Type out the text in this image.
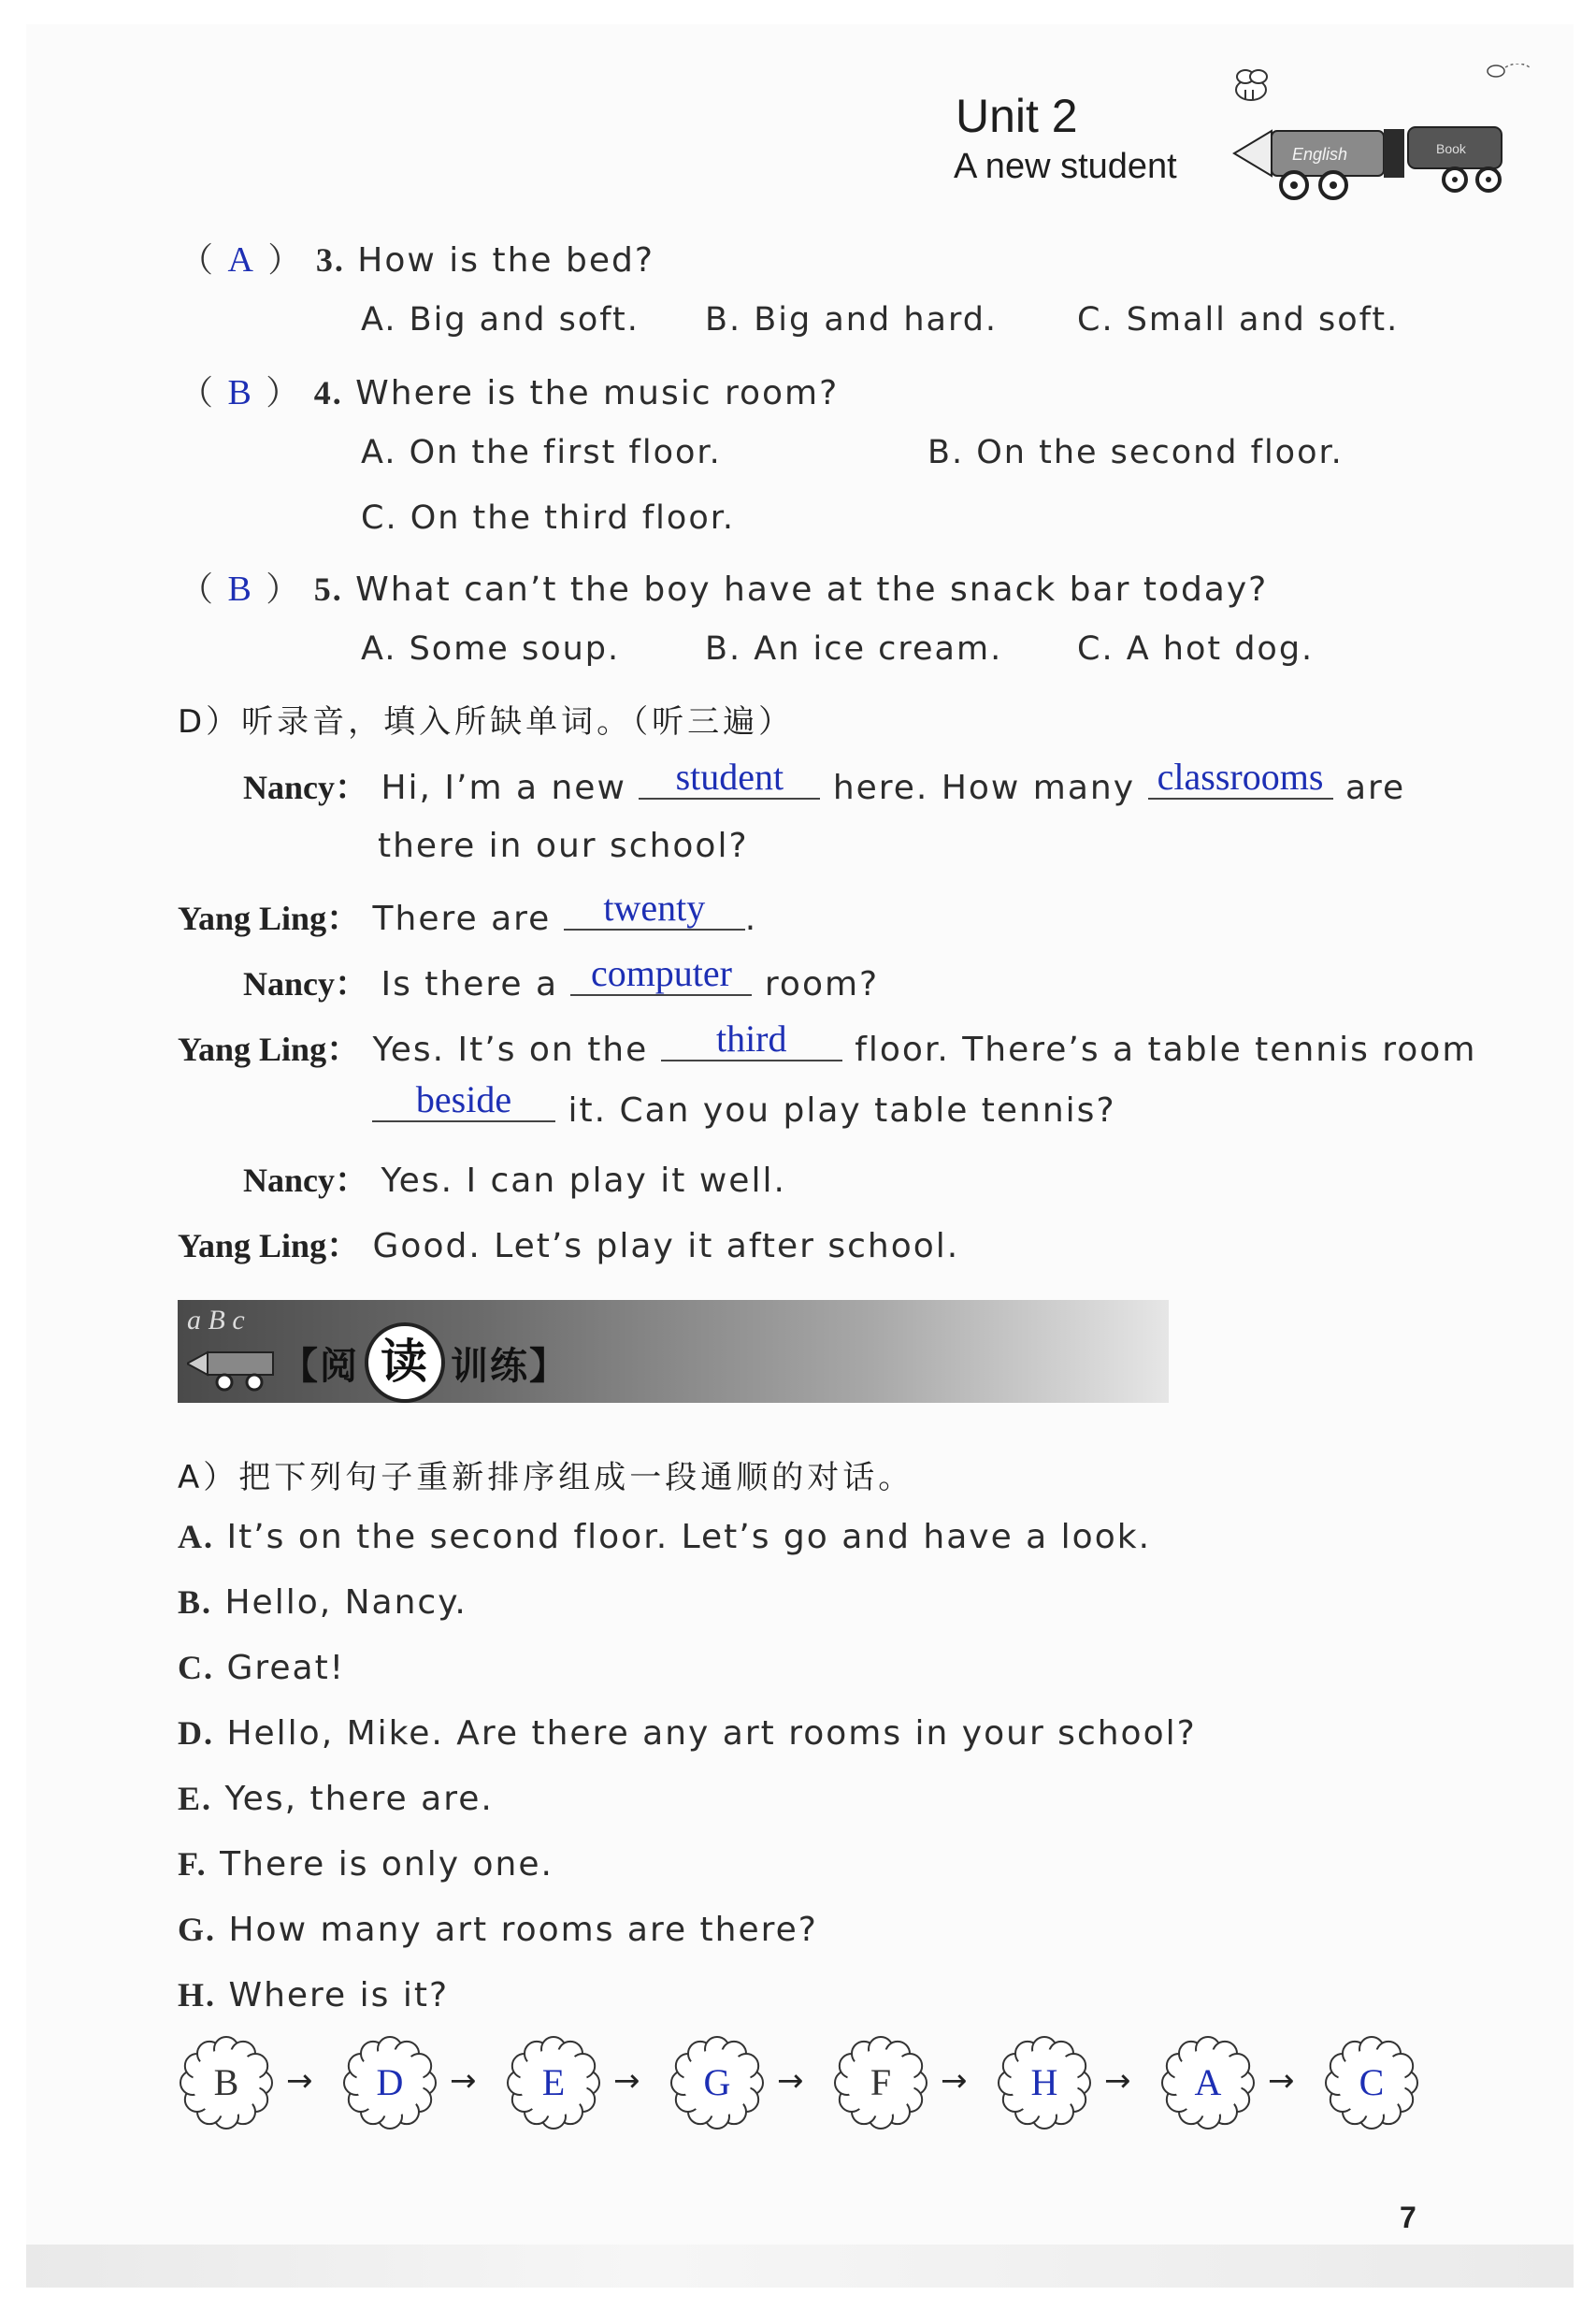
Unit 2
A new student	English	Book
（ A ） 3. How is the bed?
A. Big and soft. B. Big and hard. C. Small and soft.
（ B ） 4. Where is the music room?
A. On the first floor.	B. On the second floor.
C. On the third floor.
（ B ） 5. What can’t the boy have at the snack bar today?
A. Some soup.	B. An ice cream. C. A hot dog.
D）听录音，填入所缺单词。（听三遍）
Nancy： Hi, I’m a new student here. How many classrooms are
there in our school?
Yang Ling： There are twenty .
Nancy： Is there a computer room?
Yang Ling： Yes. It’s on the third floor. There’s a table tennis room
beside it. Can you play table tennis?
Nancy： Yes. I can play it well.
Yang Ling： Good. Let’s play it after school.
a B c
【阅 读 训练】
A）把下列句子重新排序组成一段通顺的对话。
A. It’s on the second floor. Let’s go and have a look.
B. Hello, Nancy.
C. Great!
D. Hello, Mike. Are there any art rooms in your school?
E. Yes, there are.
F. There is only one.
G. How many art rooms are there?
H. Where is it?
B	→	D	→	E	→	G	→	F	→	H	→	A	→	C
7
